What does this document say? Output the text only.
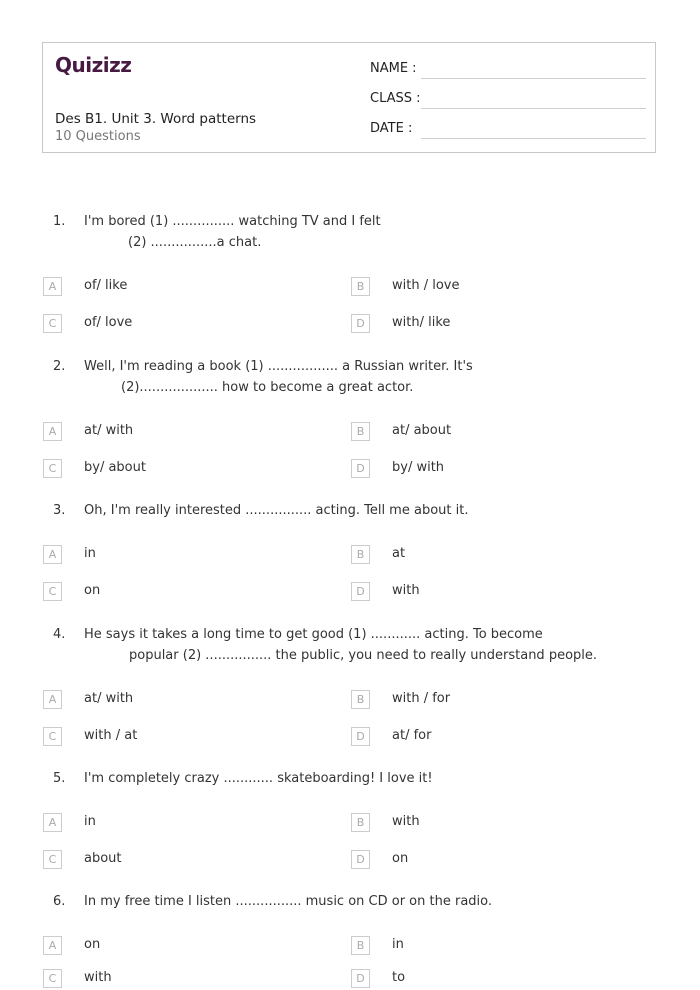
Quizizz
Des B1. Unit 3. Word patterns
10 Questions
NAME :
CLASS :
DATE :
1. I'm bored (1) ............... watching TV and I felt
(2) ................a chat.
A	of/ like	B	with / love
C	of/ love	D	with/ like
2. Well, I'm reading a book (1) ................. a Russian writer. It's
(2)................... how to become a great actor.
A	at/ with	B	at/ about
C	by/ about	D	by/ with
3. Oh, I'm really interested ................ acting. Tell me about it.
A	in	B	at
C	on	D	with
4. He says it takes a long time to get good (1) ............ acting. To become
popular (2) ................ the public, you need to really understand people.
A	at/ with	B	with / for
C	with / at	D	at/ for
5. I'm completely crazy ............ skateboarding! I love it!
A	in	B	with
C	about	D	on
6. In my free time I listen ................ music on CD or on the radio.
A	on	B	in
C	with	D	to
